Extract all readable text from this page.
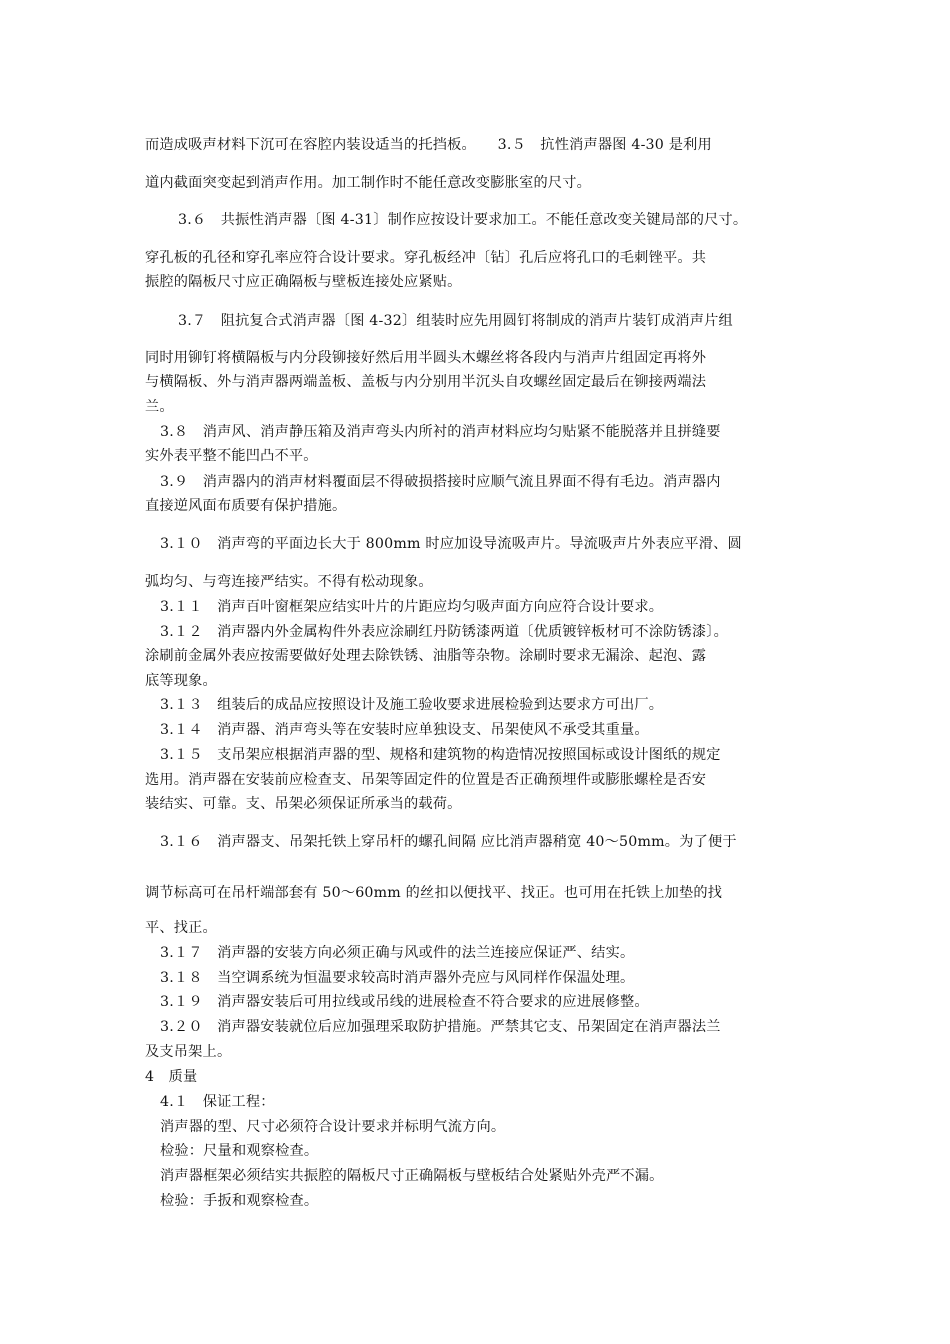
而造成吸声材料下沉可在容腔内装设适当的托挡板。　　3.５　抗性消声器图 4-30 是利用
道内截面突变起到消声作用。加工制作时不能任意改变膨胀室的尺寸。
3.６　共振性消声器〔图 4-31〕制作应按设计要求加工。不能任意改变关键局部的尺寸。
穿孔板的孔径和穿孔率应符合设计要求。穿孔板经冲〔钻〕孔后应将孔口的毛刺锉平。共
振腔的隔板尺寸应正确隔板与壁板连接处应紧贴。
3.７　阻抗复合式消声器〔图 4-32〕组装时应先用圆钉将制成的消声片装钉成消声片组
同时用铆钉将横隔板与内分段铆接好然后用半圆头木螺丝将各段内与消声片组固定再将外
与横隔板、外与消声器两端盖板、盖板与内分别用半沉头自攻螺丝固定最后在铆接两端法
兰。
3.８　消声风、消声静压箱及消声弯头内所衬的消声材料应均匀贴紧不能脱落并且拼缝要
实外表平整不能凹凸不平。
3.９　消声器内的消声材料覆面层不得破损搭接时应顺气流且界面不得有毛边。消声器内
直接逆风面布质要有保护措施。
3.１０　消声弯的平面边长大于 800mm 时应加设导流吸声片。导流吸声片外表应平滑、圆
弧均匀、与弯连接严结实。不得有松动现象。
3.１１　消声百叶窗框架应结实叶片的片距应均匀吸声面方向应符合设计要求。
3.１２　消声器内外金属构件外表应涂刷红丹防锈漆两道〔优质镀锌板材可不涂防锈漆〕。
涂刷前金属外表应按需要做好处理去除铁锈、油脂等杂物。涂刷时要求无漏涂、起泡、露
底等现象。
3.１３　组装后的成品应按照设计及施工验收要求进展检验到达要求方可出厂。
3.１４　消声器、消声弯头等在安装时应单独设支、吊架使风不承受其重量。
3.１５　支吊架应根据消声器的型、规格和建筑物的构造情况按照国标或设计图纸的规定
选用。消声器在安装前应检查支、吊架等固定件的位置是否正确预埋件或膨胀螺栓是否安
装结实、可靠。支、吊架必须保证所承当的载荷。
3.１６　消声器支、吊架托铁上穿吊杆的螺孔间隔 应比消声器稍宽 40～50mm。为了便于
调节标高可在吊杆端部套有 50～60mm 的丝扣以便找平、找正。也可用在托铁上加垫的找
平、找正。
3.１７　消声器的安装方向必须正确与风或件的法兰连接应保证严、结实。
3.１８　当空调系统为恒温要求较高时消声器外壳应与风同样作保温处理。
3.１９　消声器安装后可用拉线或吊线的进展检查不符合要求的应进展修整。
3.２０　消声器安装就位后应加强理采取防护措施。严禁其它支、吊架固定在消声器法兰
及支吊架上。
4　质量
4.１　保证工程：
消声器的型、尺寸必须符合设计要求并标明气流方向。
检验：尺量和观察检查。
消声器框架必须结实共振腔的隔板尺寸正确隔板与壁板结合处紧贴外壳严不漏。
检验：手扳和观察检查。
